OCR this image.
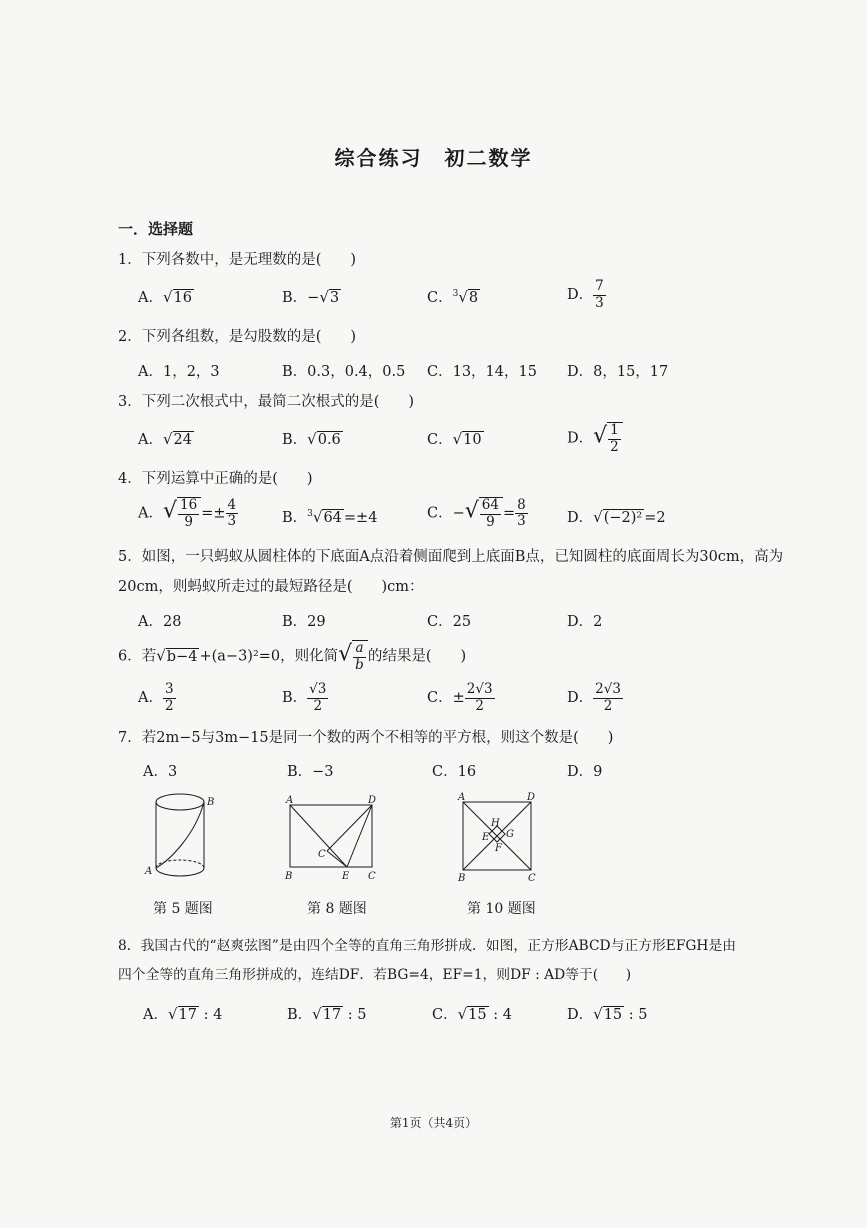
综合练习　初二数学
一．选择题
1．下列各数中，是无理数的是(　　)
A．√16	B．−√3	C．$^3$√8	D． $\frac{7}{3}$
2．下列各组数，是勾股数的是(　　)
A．1，2，3	B．0.3，0.4，0.5 C．13，14，15 D．8，15，17
3．下列二次根式中，最简二次根式的是(　　)
A．√24	B．√0.6	C．√10	D．√ $\frac{1}{2}$
4．下列运算中正确的是(　　)
A．√ $\frac{16}{9} =\pm \frac{4}{3}$	B．$^3$√64 =±4	C．−√ $\frac{64}{9} = \frac{8}{3}$	D．√(−2)² =2
5．如图，一只蚂蚁从圆柱体的下底面A点沿着侧面爬到上底面B点，已知圆柱的底面周长为30cm，高为
20cm，则蚂蚁所走过的最短路径是(　　)cm：
A．28	B．29	C．25	D．2
6．若√b−4 +(a−3)²=0，则化简√ $\frac{a}{b}$ 的结果是(　　)
A． $\frac{3}{2}$	B． $\frac{√3}{2}$	C．± $\frac{2√3}{2}$	D． $\frac{2√3}{2}$
7．若2m−5与3m−15是同一个数的两个不相等的平方根，则这个数是(　　)
A．3	B．−3	C．16	D．9
B
A
第 5 题图
A	D
B	E C
C
第 8 题图
A	D
B	C
H
E G
F
第 10 题图
8．我国古代的“赵爽弦图”是由四个全等的直角三角形拼成．如图，正方形ABCD与正方形EFGH是由
四个全等的直角三角形拼成的，连结DF．若BG=4，EF=1，则DF : AD等于(　　)
A．√17 : 4	B．√17 : 5	C．√15 : 4	D．√15 : 5
第1页（共4页）
